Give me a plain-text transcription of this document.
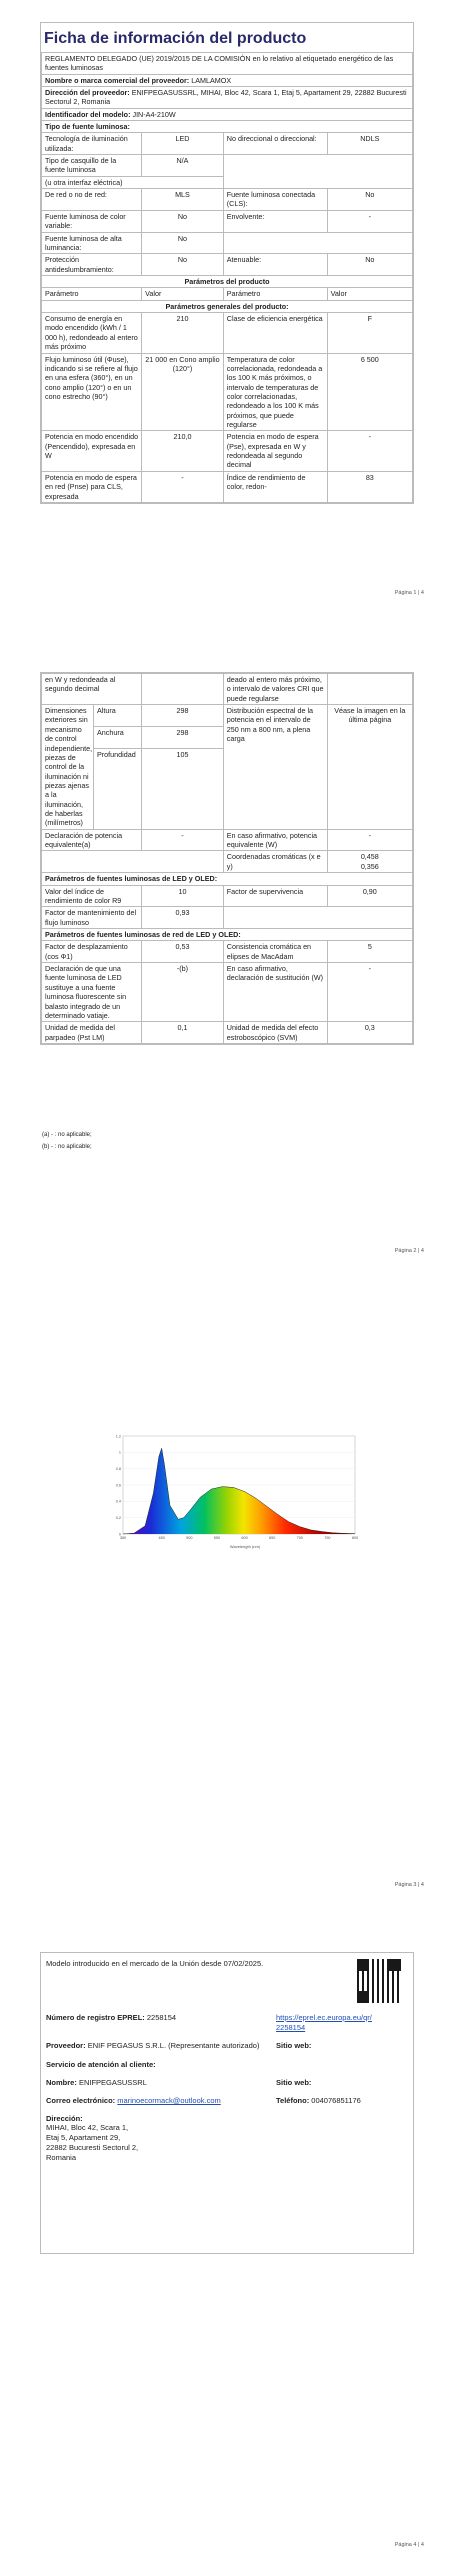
Ficha de información del producto
REGLAMENTO DELEGADO (UE) 2019/2015 DE LA COMISIÓN en lo relativo al etiquetado energético de las fuentes luminosas			
Nombre o marca comercial del proveedor: LAMLAMOX			
Dirección del proveedor: ENIFPEGASUSSRL, MIHAI, Bloc 42, Scara 1, Etaj 5, Apartament 29, 22882 Bucuresti Sectorul 2, Romania			
Identificador del modelo: JIN-A4-210W			
Tipo de fuente luminosa:			
Tecnología de iluminación utilizada:	LED	No direccional o direccional:	NDLS
Tipo de casquillo de la fuente luminosa	N/A		
(u otra interfaz eléctrica)			
De red o no de red:	MLS	Fuente luminosa conectada (CLS):	No
Fuente luminosa de color variable:	No	Envolvente:	-
Fuente luminosa de alta luminancia:	No		
Protección antideslumbramiento:	No	Atenuable:	No
Parámetros del producto			
Parámetro	Valor	Parámetro	Valor
Parámetros generales del producto:			
Consumo de energía en modo encendido (kWh / 1 000 h), redondeado al entero más próximo	210	Clase de eficiencia energética	F
Flujo luminoso útil (Φuse), indicando si se refiere al flujo en una esfera (360°), en un cono amplio (120°) o en un cono estrecho (90°)	21 000 en Cono amplio (120°)	Temperatura de color correlacionada, redondeada a los 100 K más próximos, o intervalo de temperaturas de color correlacionadas, redondeado a los 100 K más próximos, que puede regularse	6 500
Potencia en modo encendido (Pencendido), expresada en W	210,0	Potencia en modo de espera (Pse), expresada en W y redondeada al segundo decimal	-
Potencia en modo de espera en red (Pnse) para CLS, expresada	-	Índice de rendimiento de color, redon-	83
Página 1 | 4
en W y redondeada al segundo decimal			deado al entero más próximo, o intervalo de valores CRI que puede regularse	
Dimensiones exteriores sin mecanismo de control independiente, piezas de control de la iluminación ni piezas ajenas a la iluminación, de haberlas (milímetros)	Altura	298	Distribución espectral de la potencia en el intervalo de 250 nm a 800 nm, a plena carga	Véase la imagen en la última página
	Anchura	298		
	Profundidad	105		
Declaración de potencia equivalente(a)		-	En caso afirmativo, potencia equivalente (W)	-
			Coordenadas cromáticas (x e y)	0,458
0,356

Parámetros de fuentes luminosas de LED y OLED:				
Valor del índice de rendimiento de color R9		10	Factor de supervivencia	0,90
Factor de mantenimiento del flujo luminoso		0,93		
Parámetros de fuentes luminosas de red de LED y OLED:				
Factor de desplazamiento (cos Φ1)		0,53	Consistencia cromática en elipses de MacAdam	5
Declaración de que una fuente luminosa de LED sustituye a una fuente luminosa fluorescente sin balasto integrado de un determinado vatiaje.		-(b)	En caso afirmativo, declaración de sustitución (W)	-
Unidad de medida del parpadeo (Pst LM)		0,1	Unidad de medida del efecto estroboscópico (SVM)	0,3
(a) - : no aplicable;
(b) - : no aplicable;
Página 2 | 4
0
0.2
0.4
0.6
0.8
1
1.2
380	450	500	550	600	650	700	750	800
Wavelength (nm)
Página 3 | 4
Modelo introducido en el mercado de la Unión desde 07/02/2025.
Número de registro EPREL: 2258154	https://eprel.ec.europa.eu/qr/2258154
Proveedor: ENIF PEGASUS S.R.L. (Representante autorizado)	Sitio web:
Servicio de atención al cliente:
Nombre: ENIFPEGASUSSRL	Sitio web:
Correo electrónico: marinoecormack@outlook.com	Teléfono: 004076851176
Dirección:
MIHAI, Bloc 42, Scara 1,
Etaj 5, Apartament 29,
22882 Bucuresti Sectorul 2,
Romania
Página 4 | 4
